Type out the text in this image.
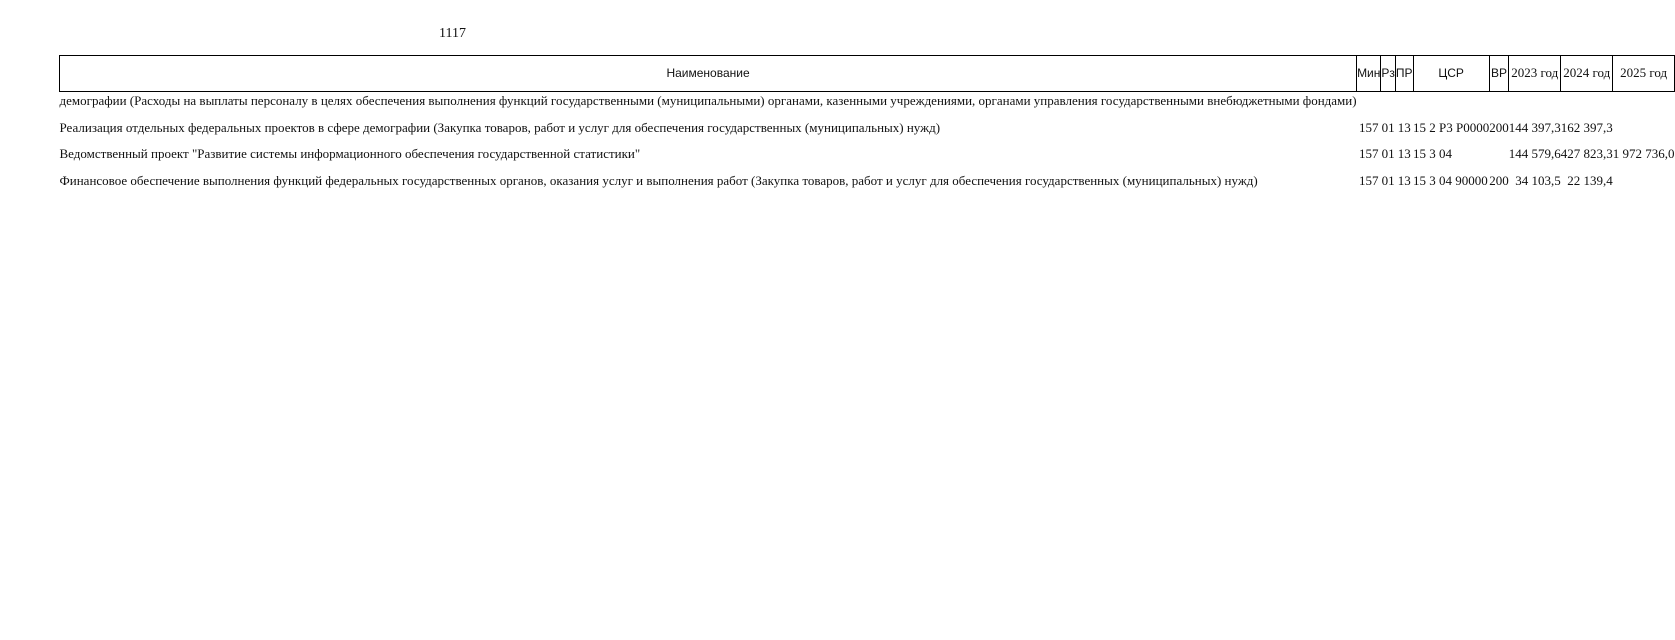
1117
Наименование	Мин	Рз	ПР	ЦСР	ВР	2023 год	2024 год	2025 год
демографии (Расходы на выплаты персоналу в целях обеспечения выполнения функций государственными (муниципальными) органами, казенными учреждениями, органами управления государственными внебюджетными фондами)								

Реализация отдельных федеральных проектов в сфере демографии (Закупка товаров, работ и услуг для обеспечения государственных (муниципальных) нужд)	157	01	13	15 2 Р3 Р0000	200	144 397,3	162 397,3	

Ведомственный проект "Развитие системы информационного обеспечения государственной статистики"	157	01	13	15 3 04		144 579,6	427 823,3	1 972 736,0

Финансовое обеспечение выполнения функций федеральных государственных органов, оказания услуг и выполнения работ (Закупка товаров, работ и услуг для обеспечения государственных (муниципальных) нужд)	157	01	13	15 3 04 90000	200	34 103,5	22 139,4	
